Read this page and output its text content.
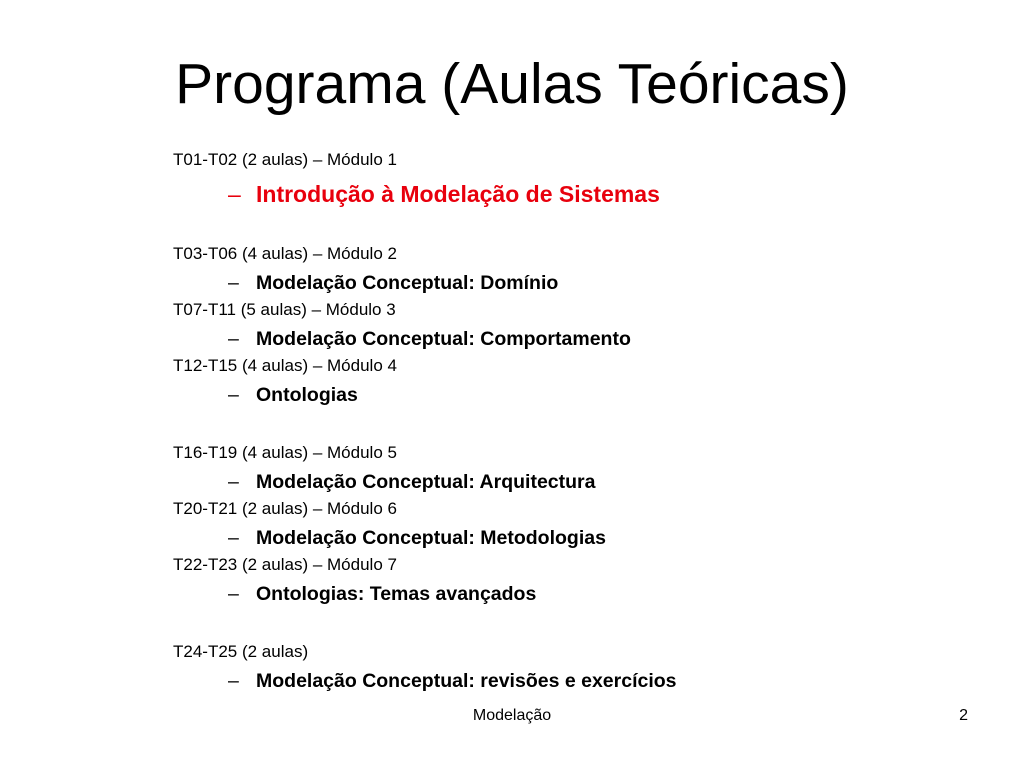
Programa (Aulas Teóricas)
T01-T02 (2 aulas) – Módulo 1
– Introdução à Modelação de Sistemas
T03-T06 (4 aulas) – Módulo 2
– Modelação Conceptual: Domínio
T07-T11 (5 aulas) – Módulo 3
– Modelação Conceptual: Comportamento
T12-T15 (4 aulas) – Módulo 4
– Ontologias
T16-T19 (4 aulas) – Módulo 5
– Modelação Conceptual: Arquitectura
T20-T21 (2 aulas) – Módulo 6
– Modelação Conceptual: Metodologias
T22-T23 (2 aulas) – Módulo 7
– Ontologias: Temas avançados
T24-T25 (2 aulas)
– Modelação Conceptual: revisões e exercícios
Modelação	2
